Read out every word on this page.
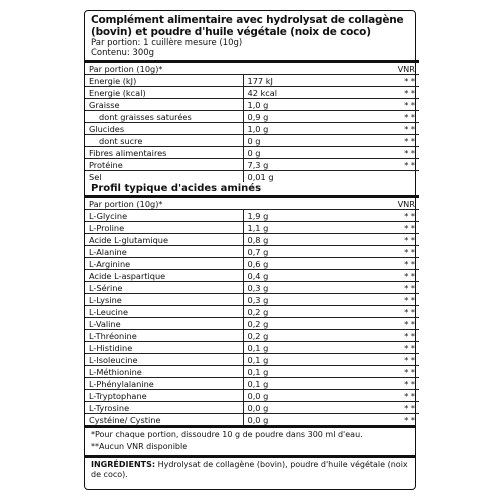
Complément alimentaire avec hydrolysat de collagène (bovin) et poudre d'huile végétale (noix de coco)
Par portion: 1 cuillère mesure (10g)
Contenu: 300g
Par portion (10g)*		VNR
Energie (kJ)	177 kJ	* *
Energie (kcal)	42 kcal	* *
Graisse	1,0 g	* *
dont graisses saturées	0,9 g	* *
Glucides	1,0 g	* *
dont sucre	0 g	* *
Fibres alimentaires	0 g	* *
Protéine	7,3 g	* *
Sel	0,01 g	
Profil typique d'acides aminés
Par portion (10g)*		VNR
L-Glycine	1,9 g	* *
L-Proline	1,1 g	* *
Acide L-glutamique	0,8 g	* *
L-Alanine	0,7 g	* *
L-Arginine	0,6 g	* *
Acide L-aspartique	0,4 g	* *
L-Sérine	0,3 g	* *
L-Lysine	0,3 g	* *
L-Leucine	0,2 g	* *
L-Valine	0,2 g	* *
L-Thréonine	0,2 g	* *
L-Histidine	0,1 g	* *
L-Isoleucine	0,1 g	* *
L-Méthionine	0,1 g	* *
L-Phénylalanine	0,1 g	* *
L-Tryptophane	0,0 g	* *
L-Tyrosine	0,0 g	* *
Cystéine/ Cystine	0,0 g	* *
*Pour chaque portion, dissoudre 10 g de poudre dans 300 ml d'eau.
**Aucun VNR disponible
INGRÉDIENTS: Hydrolysat de collagène (bovin), poudre d'huile végétale (noix de coco).
